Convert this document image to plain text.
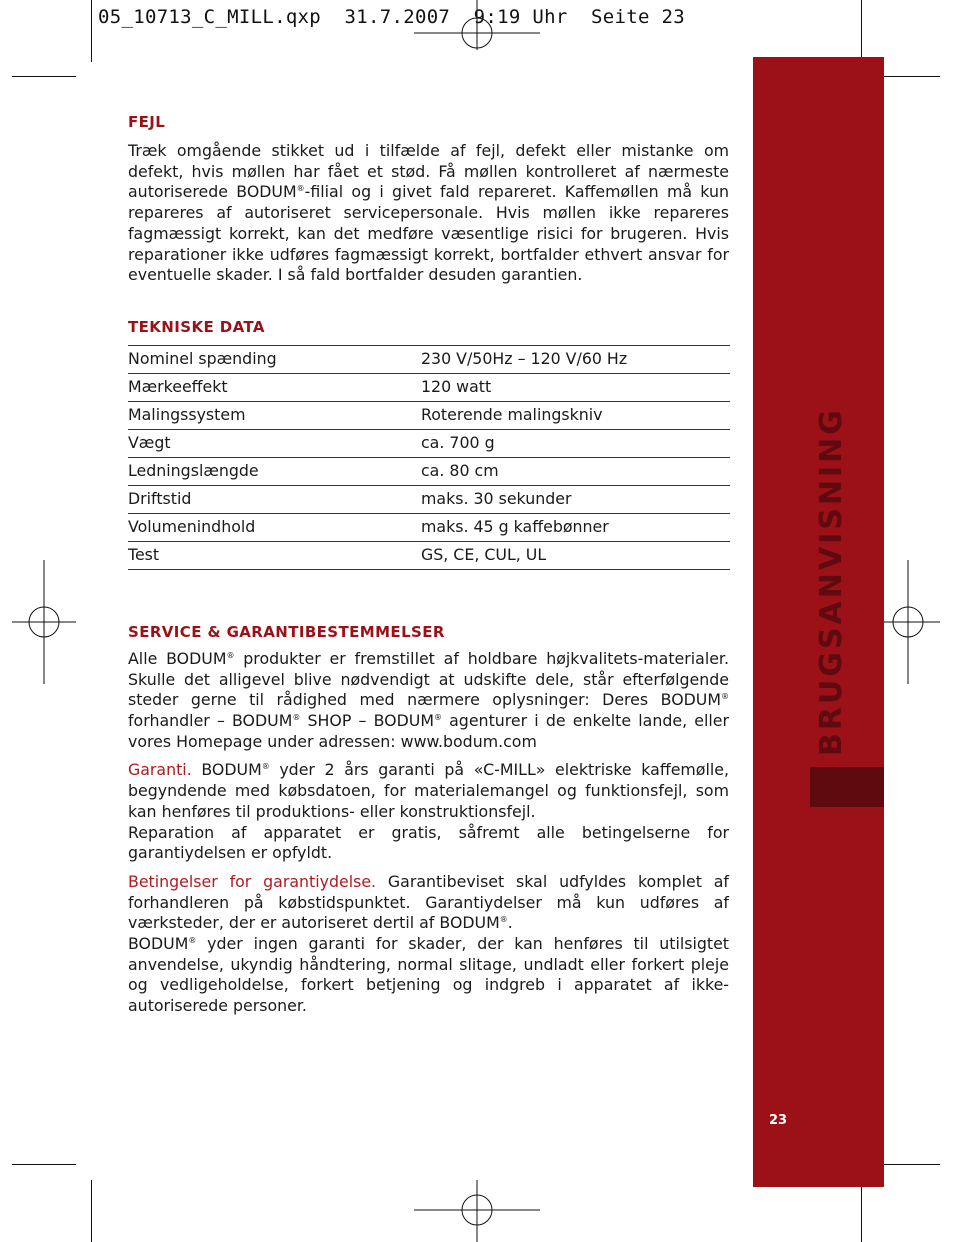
05_10713_C_MILL.qxp  31.7.2007  9:19 Uhr  Seite 23
BRUGSANVISNING
23
FEJL

Træk omgående stikket ud i tilfælde af fejl, defekt eller mistanke om defekt, hvis møllen har fået et stød. Få møllen kontrolleret af nærmeste autoriserede BODUM®-filial og i givet fald repareret. Kaffemøllen må kun repareres af autoriseret servicepersonale. Hvis møllen ikke repareres fagmæssigt korrekt, kan det medføre væsentlige risici for brugeren. Hvis reparationer ikke udføres fagmæssigt korrekt, bortfalder ethvert ansvar for eventuelle skader. I så fald bortfalder desuden garantien.

TEKNISKE DATA
Nominel spænding	230 V/50Hz – 120 V/60 Hz
Mærkeeffekt	120 watt
Malingssystem	Roterende malingskniv
Vægt	ca. 700 g
Ledningslængde	ca. 80 cm
Driftstid	maks. 30 sekunder
Volumenindhold	maks. 45 g kaffebønner
Test	GS, CE, CUL, UL
SERVICE & GARANTIBESTEMMELSER

Alle BODUM® produkter er fremstillet af holdbare højkvalitets-materialer. Skulle det alligevel blive nødvendigt at udskifte dele, står efterfølgende steder gerne til rådighed med nærmere oplysninger: Deres BODUM® forhandler – BODUM® SHOP – BODUM® agenturer i de enkelte lande, eller vores Homepage under adressen: www.bodum.com

Garanti. BODUM® yder 2 års garanti på «C-MILL» elektriske kaffemølle, begyndende med købsdatoen, for materialemangel og funktionsfejl, som kan henføres til produktions- eller konstruktionsfejl.

Reparation af apparatet er gratis, såfremt alle betingelserne for garantiydelsen er opfyldt.

Betingelser for garantiydelse. Garantibeviset skal udfyldes komplet af forhandleren på købstidspunktet. Garantiydelser må kun udføres af værksteder, der er autoriseret dertil af BODUM®.

BODUM® yder ingen garanti for skader, der kan henføres til utilsigtet anvendelse, ukyndig håndtering, normal slitage, undladt eller forkert pleje og vedligeholdelse, forkert betjening og indgreb i apparatet af ikke-autoriserede personer.
